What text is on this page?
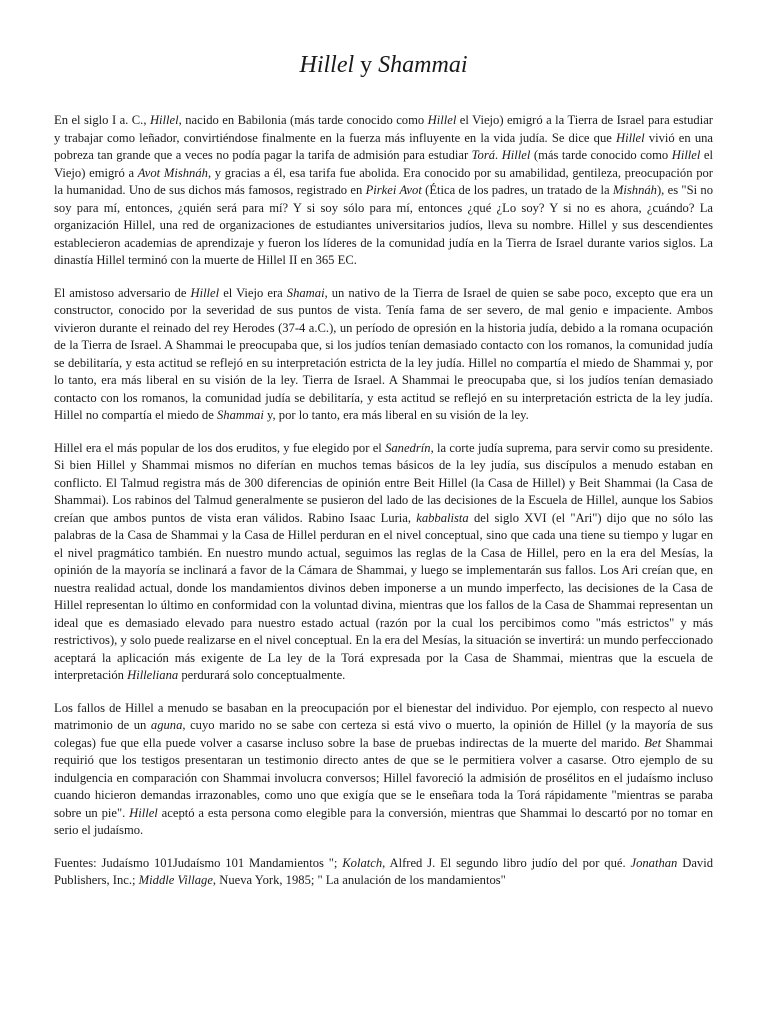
Hillel y Shammai

En el siglo I a. C., Hillel, nacido en Babilonia (más tarde conocido como Hillel el Viejo) emigró a la Tierra de Israel para estudiar y trabajar como leñador, convirtiéndose finalmente en la fuerza más influyente en la vida judía. Se dice que Hillel vivió en una pobreza tan grande que a veces no podía pagar la tarifa de admisión para estudiar Torá. Hillel (más tarde conocido como Hillel el Viejo) emigró a Avot Mishnáh, y gracias a él, esa tarifa fue abolida. Era conocido por su amabilidad, gentileza, preocupación por la humanidad. Uno de sus dichos más famosos, registrado en Pirkei Avot (Ética de los padres, un tratado de la Mishnáh), es "Si no soy para mí, entonces, ¿quién será para mí? Y si soy sólo para mí, entonces ¿qué ¿Lo soy? Y si no es ahora, ¿cuándo? La organización Hillel, una red de organizaciones de estudiantes universitarios judíos, lleva su nombre. Hillel y sus descendientes establecieron academias de aprendizaje y fueron los líderes de la comunidad judía en la Tierra de Israel durante varios siglos. La dinastía Hillel terminó con la muerte de Hillel II en 365 EC.

El amistoso adversario de Hillel el Viejo era Shamai, un nativo de la Tierra de Israel de quien se sabe poco, excepto que era un constructor, conocido por la severidad de sus puntos de vista. Tenía fama de ser severo, de mal genio e impaciente. Ambos vivieron durante el reinado del rey Herodes (37-4 a.C.), un período de opresión en la historia judía, debido a la romana ocupación de la Tierra de Israel. A Shammai le preocupaba que, si los judíos tenían demasiado contacto con los romanos, la comunidad judía se debilitaría, y esta actitud se reflejó en su interpretación estricta de la ley judía. Hillel no compartía el miedo de Shammai y, por lo tanto, era más liberal en su visión de la ley. Tierra de Israel. A Shammai le preocupaba que, si los judíos tenían demasiado contacto con los romanos, la comunidad judía se debilitaría, y esta actitud se reflejó en su interpretación estricta de la ley judía. Hillel no compartía el miedo de Shammai y, por lo tanto, era más liberal en su visión de la ley.

Hillel era el más popular de los dos eruditos, y fue elegido por el Sanedrín, la corte judía suprema, para servir como su presidente. Si bien Hillel y Shammai mismos no diferían en muchos temas básicos de la ley judía, sus discípulos a menudo estaban en conflicto. El Talmud registra más de 300 diferencias de opinión entre Beit Hillel (la Casa de Hillel) y Beit Shammai (la Casa de Shammai). Los rabinos del Talmud generalmente se pusieron del lado de las decisiones de la Escuela de Hillel, aunque los Sabios creían que ambos puntos de vista eran válidos. Rabino Isaac Luria, kabbalista del siglo XVI (el "Ari") dijo que no sólo las palabras de la Casa de Shammai y la Casa de Hillel perduran en el nivel conceptual, sino que cada una tiene su tiempo y lugar en el nivel pragmático también. En nuestro mundo actual, seguimos las reglas de la Casa de Hillel, pero en la era del Mesías, la opinión de la mayoría se inclinará a favor de la Cámara de Shammai, y luego se implementarán sus fallos. Los Ari creían que, en nuestra realidad actual, donde los mandamientos divinos deben imponerse a un mundo imperfecto, las decisiones de la Casa de Hillel representan lo último en conformidad con la voluntad divina, mientras que los fallos de la Casa de Shammai representan un ideal que es demasiado elevado para nuestro estado actual (razón por la cual los percibimos como "más estrictos" y más restrictivos), y solo puede realizarse en el nivel conceptual. En la era del Mesías, la situación se invertirá: un mundo perfeccionado aceptará la aplicación más exigente de La ley de la Torá expresada por la Casa de Shammai, mientras que la escuela de interpretación Hilleliana perdurará solo conceptualmente.

Los fallos de Hillel a menudo se basaban en la preocupación por el bienestar del individuo. Por ejemplo, con respecto al nuevo matrimonio de un aguna, cuyo marido no se sabe con certeza si está vivo o muerto, la opinión de Hillel (y la mayoría de sus colegas) fue que ella puede volver a casarse incluso sobre la base de pruebas indirectas de la muerte del marido. Bet Shammai requirió que los testigos presentaran un testimonio directo antes de que se le permitiera volver a casarse. Otro ejemplo de su indulgencia en comparación con Shammai involucra conversos; Hillel favoreció la admisión de prosélitos en el judaísmo incluso cuando hicieron demandas irrazonables, como uno que exigía que se le enseñara toda la Torá rápidamente "mientras se paraba sobre un pie". Hillel aceptó a esta persona como elegible para la conversión, mientras que Shammai lo descartó por no tomar en serio el judaísmo.

Fuentes: Judaísmo 101Judaísmo 101 Mandamientos "; Kolatch, Alfred J. El segundo libro judío del por qué. Jonathan David Publishers, Inc.; Middle Village, Nueva York, 1985; " La anulación de los mandamientos"
